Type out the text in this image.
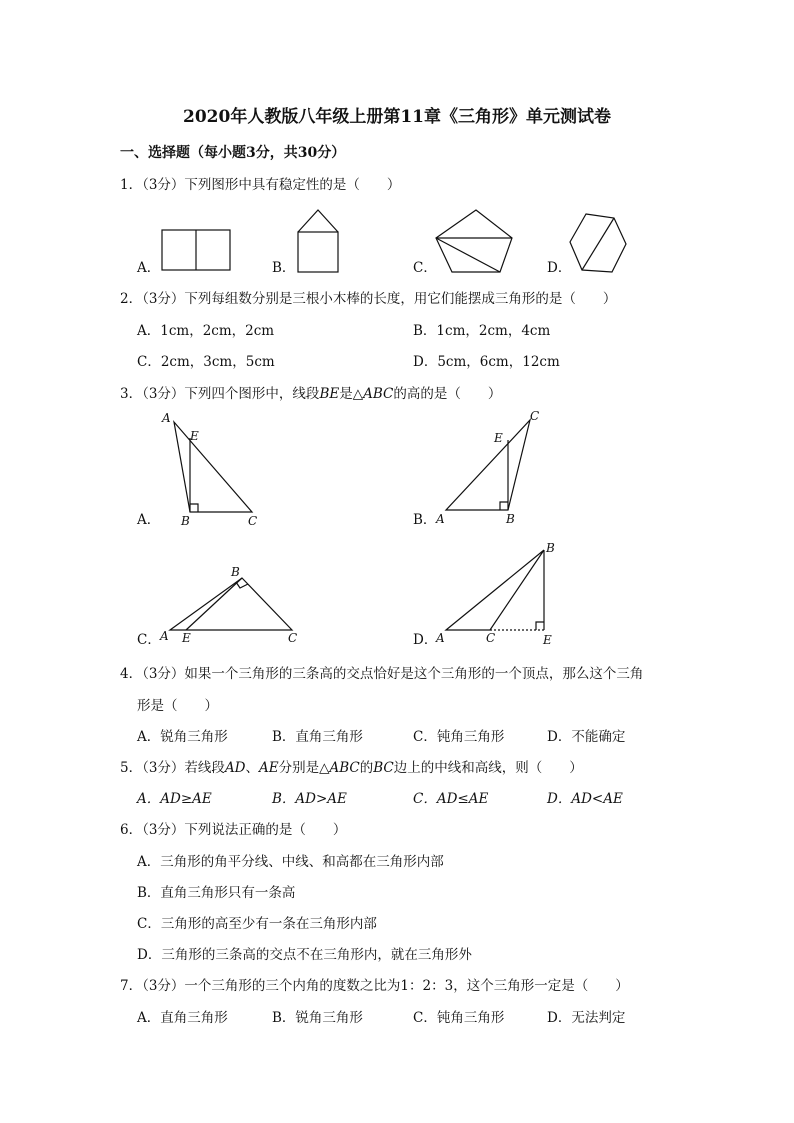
2020年人教版八年级上册第11章《三角形》单元测试卷
一、选择题（每小题3分，共30分）
1．（3分）下列图形中具有稳定性的是（　　）
A．	B．	C．	D．
2．（3分）下列每组数分别是三根小木棒的长度，用它们能摆成三角形的是（　　）
A．1cm，2cm，2cm	B．1cm，2cm，4cm
C．2cm，3cm，5cm	D．5cm，6cm，12cm
3．（3分）下列四个图形中，线段BE是△ABC的高的是（　　）
A．	B．
C．	D．
A
E
B	C
C
E
A	B
B
A E	C
B
A	C	E
4．（3分）如果一个三角形的三条高的交点恰好是这个三角形的一个顶点，那么这个三角
形是（　　）
A．锐角三角形	B．直角三角形	C．钝角三角形	D．不能确定
5．（3分）若线段AD、AE分别是△ABC的BC边上的中线和高线，则（　　）
A．AD≥AE	B．AD>AE	C．AD≤AE	D．AD<AE
6．（3分）下列说法正确的是（　　）
A．三角形的角平分线、中线、和高都在三角形内部
B．直角三角形只有一条高
C．三角形的高至少有一条在三角形内部
D．三角形的三条高的交点不在三角形内，就在三角形外
7．（3分）一个三角形的三个内角的度数之比为1：2：3，这个三角形一定是（　　）
A．直角三角形	B．锐角三角形	C．钝角三角形	D．无法判定
